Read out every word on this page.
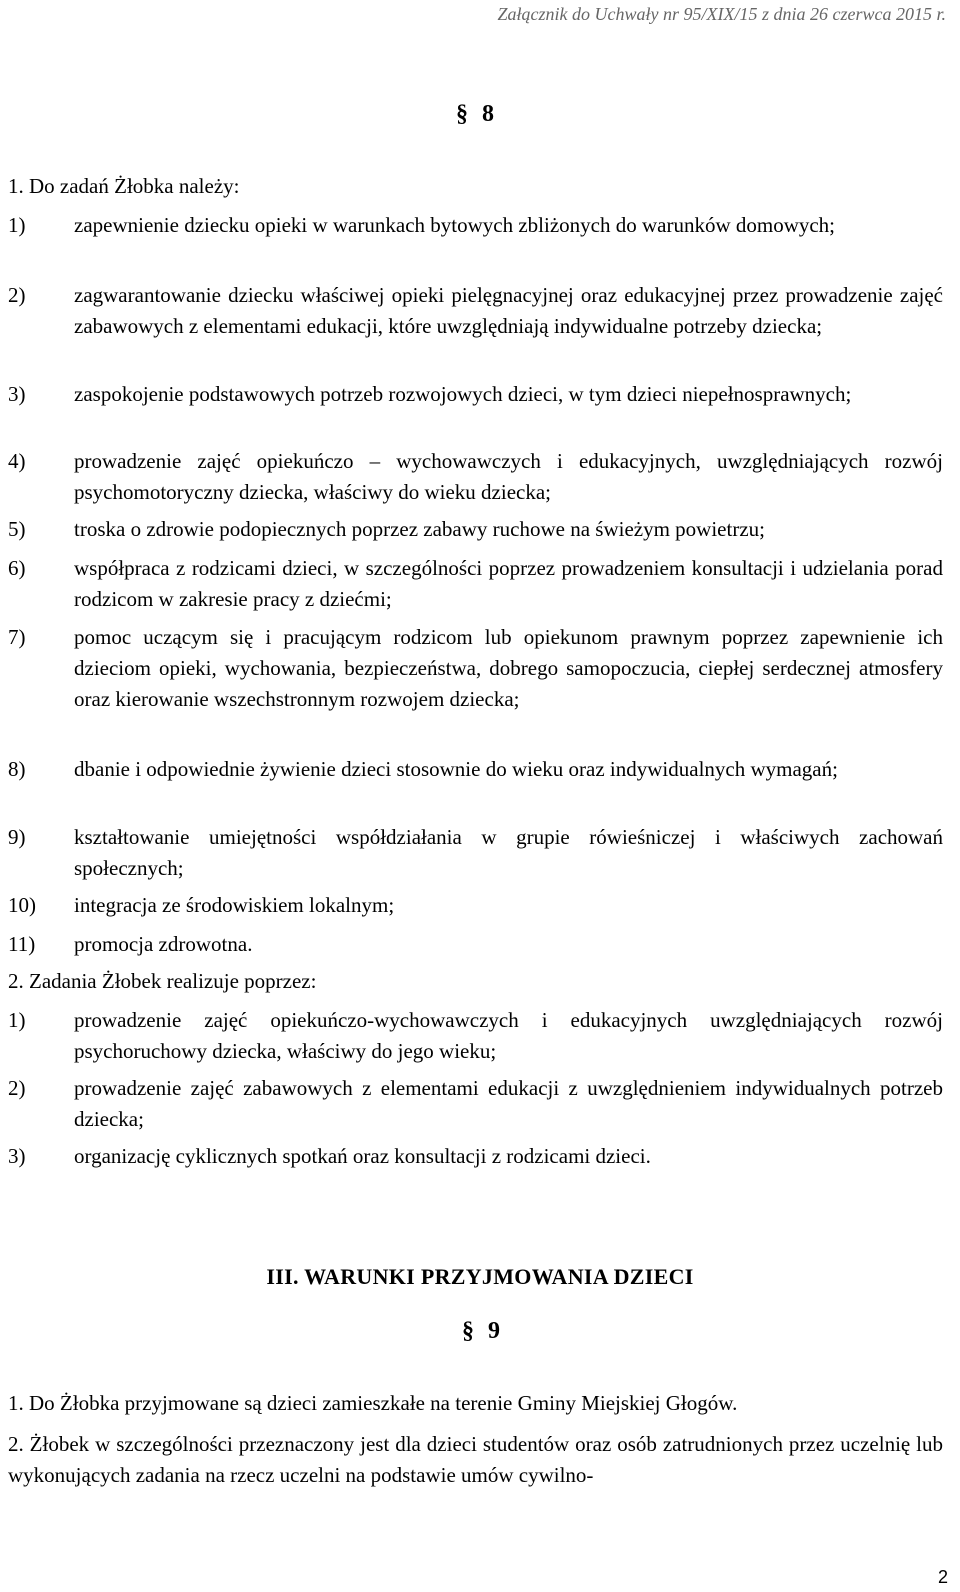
Załącznik do Uchwały nr 95/XIX/15 z dnia 26 czerwca 2015 r.
§ 8
1. Do zadań Żłobka należy:
1) zapewnienie dziecku opieki w warunkach bytowych zbliżonych do warunków domowych;
2) zagwarantowanie dziecku właściwej opieki pielęgnacyjnej oraz edukacyjnej przez prowadzenie zajęć zabawowych z elementami edukacji, które uwzględniają indywidualne potrzeby dziecka;
3) zaspokojenie podstawowych potrzeb rozwojowych dzieci, w tym dzieci niepełnosprawnych;
4) prowadzenie zajęć opiekuńczo – wychowawczych i edukacyjnych, uwzględniających rozwój psychomotoryczny dziecka, właściwy do wieku dziecka;
5) troska o zdrowie podopiecznych poprzez zabawy ruchowe na świeżym powietrzu;
6) współpraca z rodzicami dzieci, w szczególności poprzez prowadzeniem konsultacji i udzielania porad rodzicom w zakresie pracy z dziećmi;
7) pomoc uczącym się i pracującym rodzicom lub opiekunom prawnym poprzez zapewnienie ich dzieciom opieki, wychowania, bezpieczeństwa, dobrego samopoczucia, ciepłej serdecznej atmosfery oraz kierowanie wszechstronnym rozwojem dziecka;
8) dbanie i odpowiednie żywienie dzieci stosownie do wieku oraz indywidualnych wymagań;
9) kształtowanie umiejętności współdziałania w grupie rówieśniczej i właściwych zachowań społecznych;
10) integracja ze środowiskiem lokalnym;
11) promocja zdrowotna.
2. Zadania Żłobek realizuje poprzez:
1) prowadzenie zajęć opiekuńczo-wychowawczych i edukacyjnych uwzględniających rozwój psychoruchowy dziecka, właściwy do jego wieku;
2) prowadzenie zajęć zabawowych z elementami edukacji z uwzględnieniem indywidualnych potrzeb dziecka;
3) organizację cyklicznych spotkań oraz konsultacji z rodzicami dzieci.
III. WARUNKI PRZYJMOWANIA DZIECI
§ 9
1. Do Żłobka przyjmowane są dzieci zamieszkałe na terenie Gminy Miejskiej Głogów.
2. Żłobek w szczególności przeznaczony jest dla dzieci studentów oraz osób zatrudnionych przez uczelnię lub wykonujących zadania na rzecz uczelni na podstawie umów cywilno-
2
